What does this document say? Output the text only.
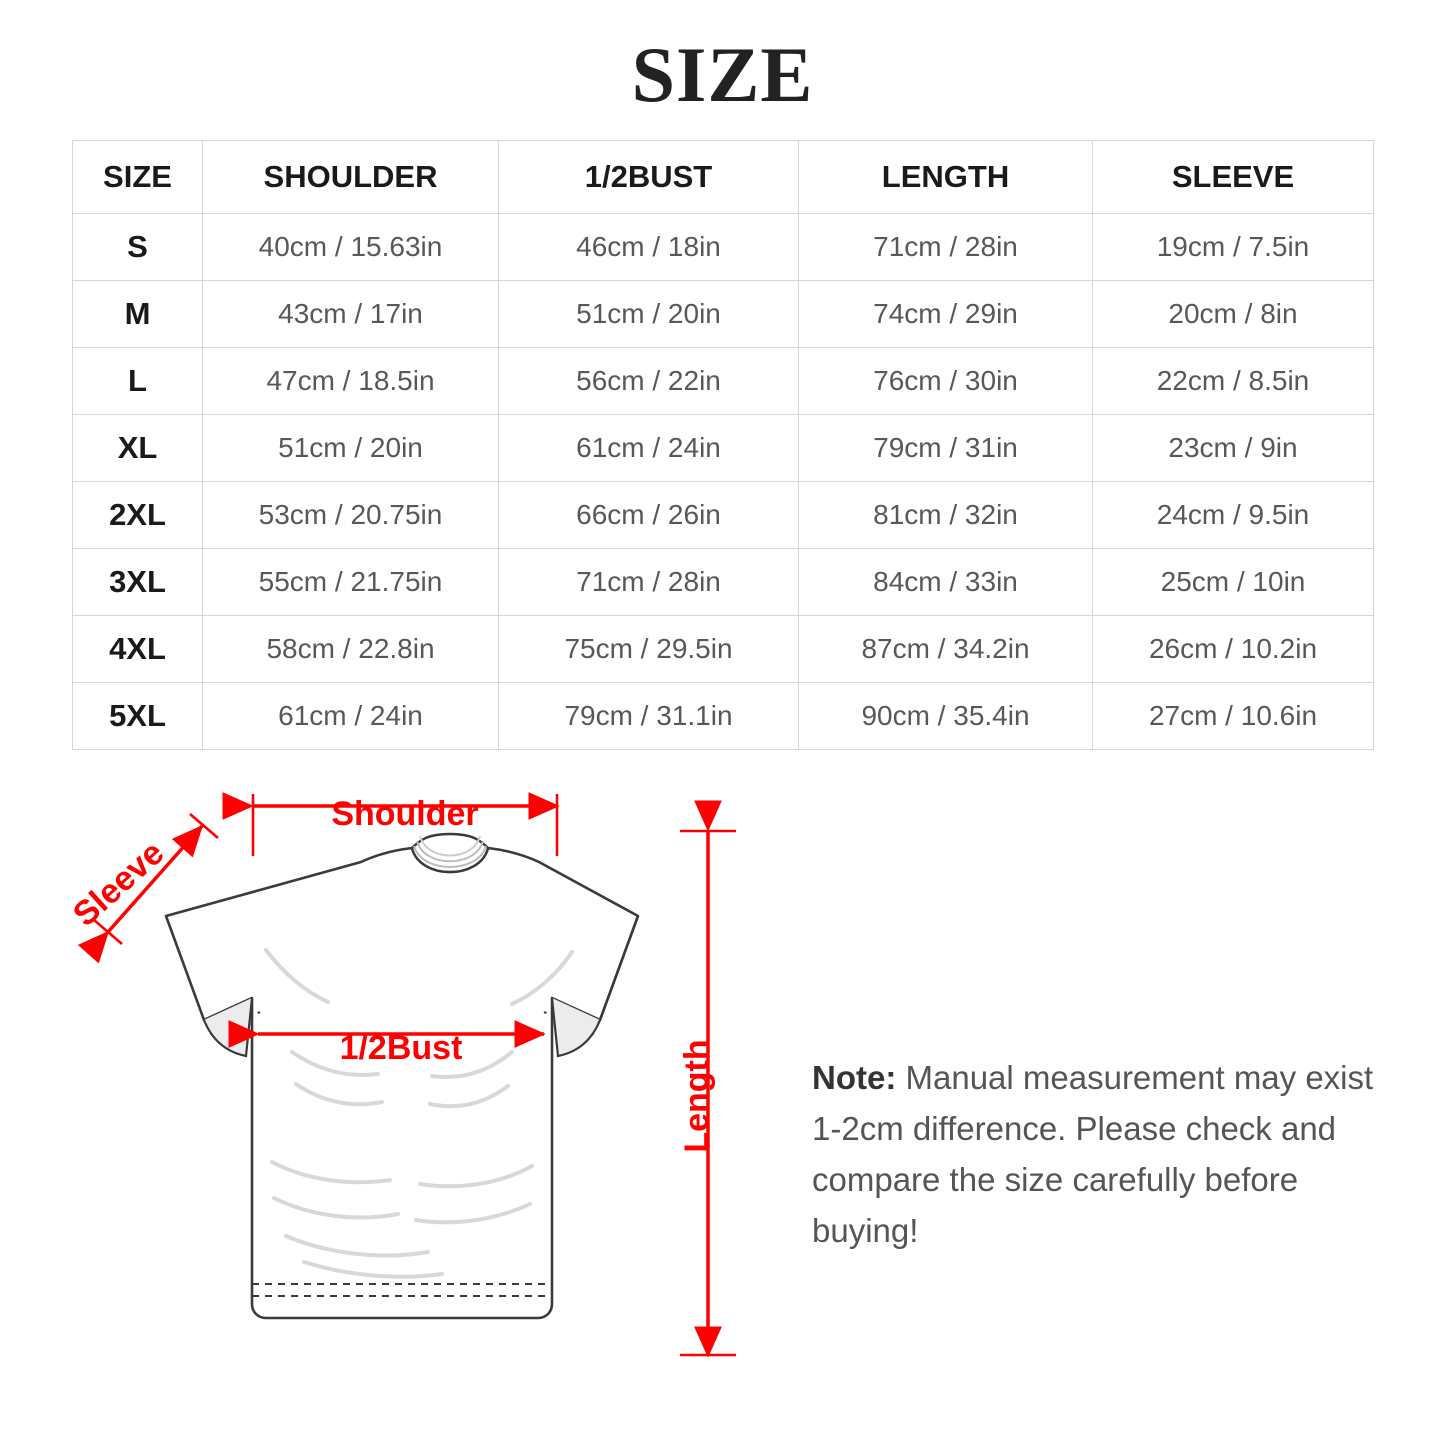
SIZE
SIZE	SHOULDER	1/2BUST	LENGTH	SLEEVE
S	40cm / 15.63in	46cm / 18in	71cm / 28in	19cm / 7.5in
M	43cm / 17in	51cm / 20in	74cm / 29in	20cm / 8in
L	47cm / 18.5in	56cm / 22in	76cm / 30in	22cm / 8.5in
XL	51cm / 20in	61cm / 24in	79cm / 31in	23cm / 9in
2XL	53cm / 20.75in	66cm / 26in	81cm / 32in	24cm / 9.5in
3XL	55cm / 21.75in	71cm / 28in	84cm / 33in	25cm / 10in
4XL	58cm / 22.8in	75cm / 29.5in	87cm / 34.2in	26cm / 10.2in
5XL	61cm / 24in	79cm / 31.1in	90cm / 35.4in	27cm / 10.6in
Shoulder
Sleeve
1/2Bust	Length	Note: Manual measurement may exist 1-2cm difference. Please check and compare the size carefully before buying!
